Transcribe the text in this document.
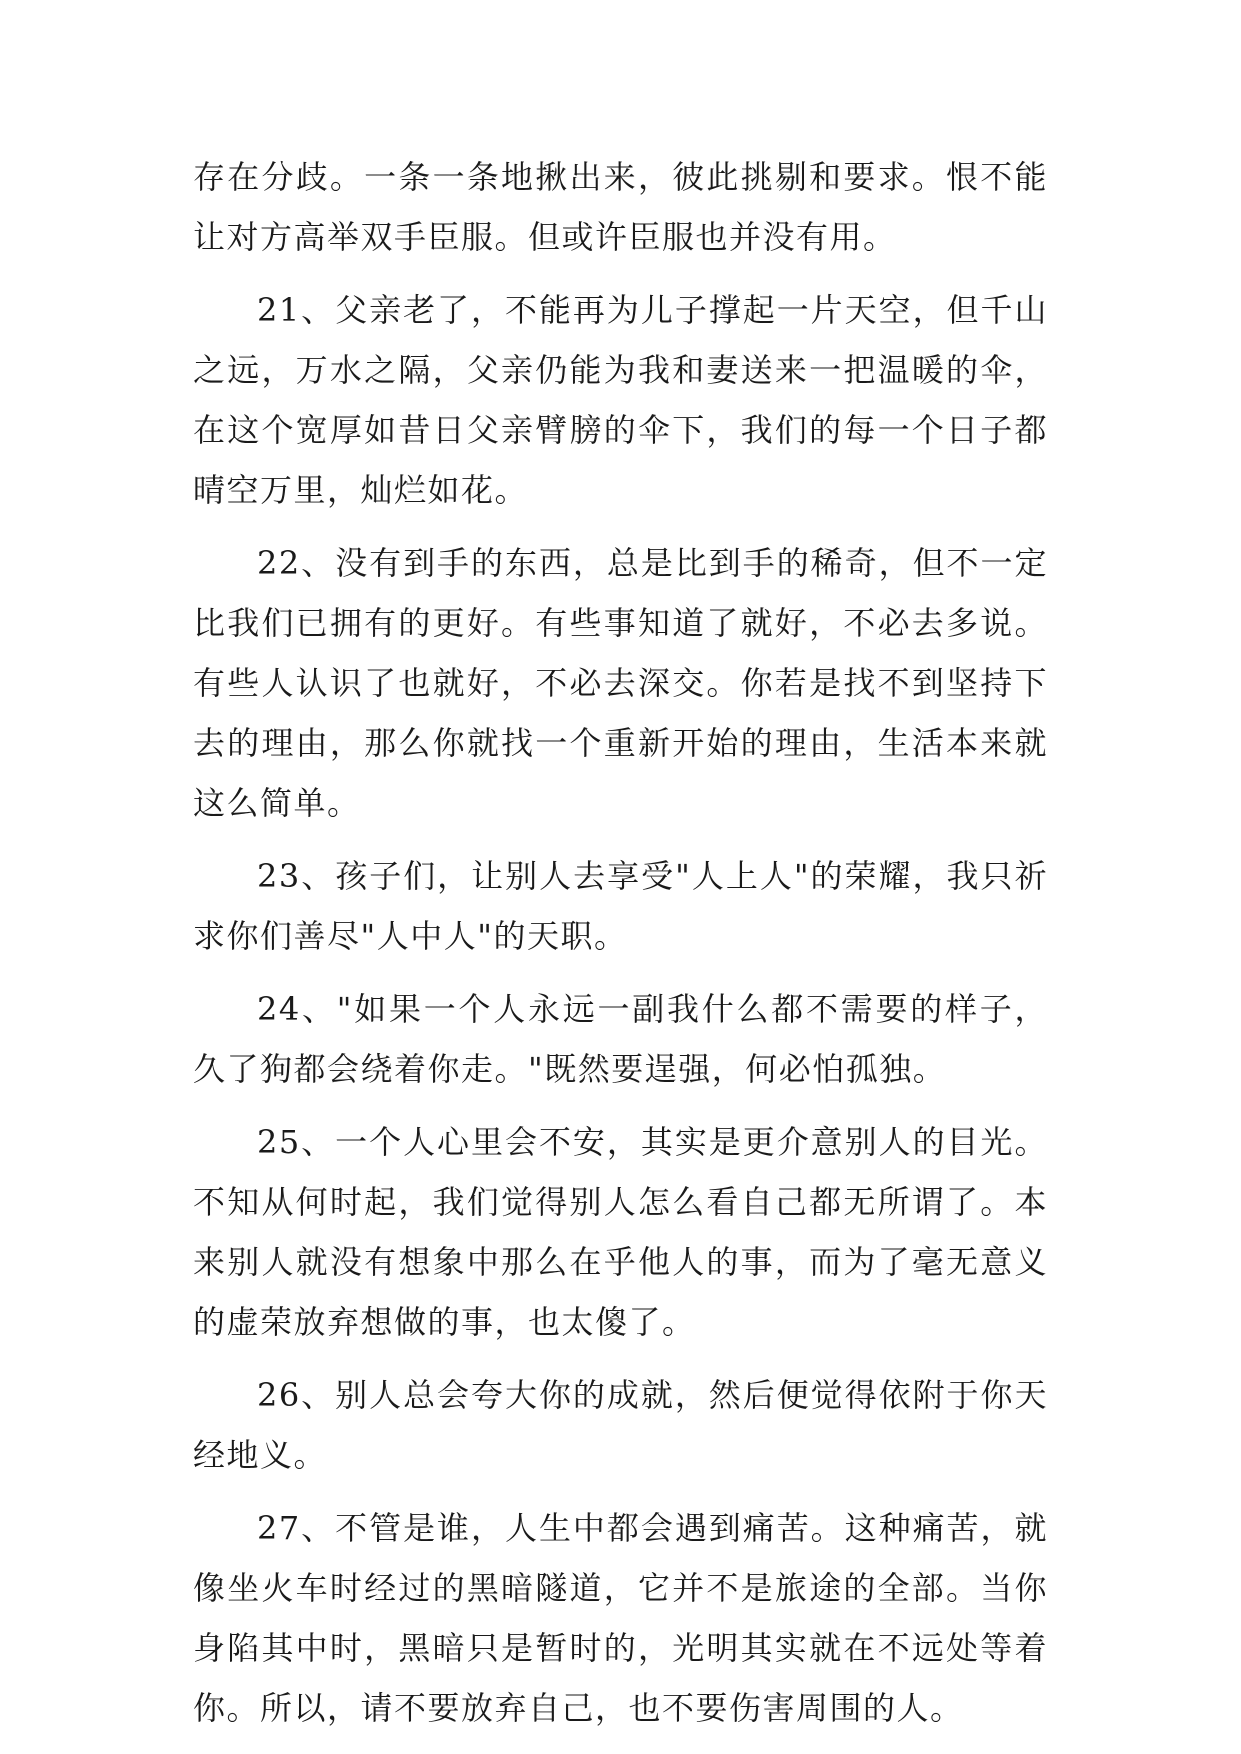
存在分歧。一条一条地揪出来，彼此挑剔和要求。恨不能让对方高举双手臣服。但或许臣服也并没有用。

21、父亲老了，不能再为儿子撑起一片天空，但千山之远，万水之隔，父亲仍能为我和妻送来一把温暖的伞，在这个宽厚如昔日父亲臂膀的伞下，我们的每一个日子都晴空万里，灿烂如花。

22、没有到手的东西，总是比到手的稀奇，但不一定比我们已拥有的更好。有些事知道了就好，不必去多说。有些人认识了也就好，不必去深交。你若是找不到坚持下去的理由，那么你就找一个重新开始的理由，生活本来就这么简单。

23、孩子们，让别人去享受"人上人"的荣耀，我只祈求你们善尽"人中人"的天职。

24、"如果一个人永远一副我什么都不需要的样子，久了狗都会绕着你走。"既然要逞强，何必怕孤独。

25、一个人心里会不安，其实是更介意别人的目光。不知从何时起，我们觉得别人怎么看自己都无所谓了。本来别人就没有想象中那么在乎他人的事，而为了毫无意义的虚荣放弃想做的事，也太傻了。

26、别人总会夸大你的成就，然后便觉得依附于你天经地义。

27、不管是谁，人生中都会遇到痛苦。这种痛苦，就像坐火车时经过的黑暗隧道，它并不是旅途的全部。当你身陷其中时，黑暗只是暂时的，光明其实就在不远处等着你。所以，请不要放弃自己，也不要伤害周围的人。
